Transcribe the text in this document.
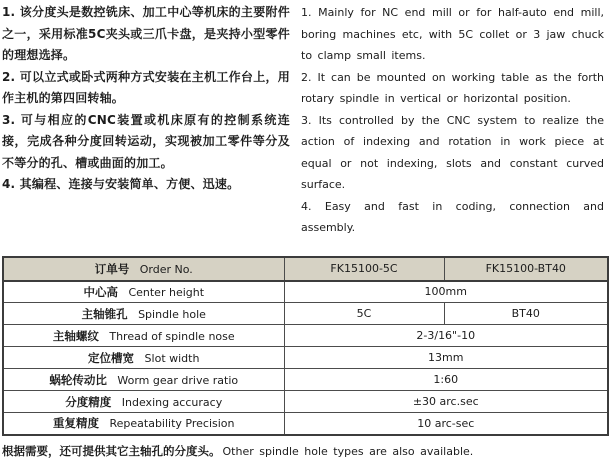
1. 该分度头是数控铣床、加工中心等机床的主要附件之一，采用标准5C夹头或三爪卡盘，是夹持小型零件的理想选择。

2. 可以立式或卧式两种方式安装在主机工作台上，用作主机的第四回转轴。

3. 可与相应的CNC装置或机床原有的控制系统连接，完成各种分度回转运动，实现被加工零件等分及不等分的孔、槽或曲面的加工。

4. 其编程、连接与安装简单、方便、迅速。

1. Mainly for NC end mill or for half-auto end mill, boring machines etc, with 5C collet or 3 jaw chuck to clamp small items.

2. It can be mounted on working table as the forth rotary spindle in vertical or horizontal position.

3. Its controlled by the CNC system to realize the action of indexing and rotation in work piece at equal or not indexing, slots and constant curved surface.

4. Easy and fast in coding, connection and assembly.

订单号 Order No.	FK15100-5C	FK15100-BT40
中心高 Center height	100mm	
主轴锥孔 Spindle hole	5C	BT40
主轴螺纹 Thread of spindle nose	2-3/16"-10	
定位槽宽 Slot width	13mm	
蜗轮传动比 Worm gear drive ratio	1:60	
分度精度 Indexing accuracy	±30 arc.sec	
重复精度 Repeatability Precision	10 arc-sec	

根据需要，还可提供其它主轴孔的分度头。 Other spindle hole types are also available.
